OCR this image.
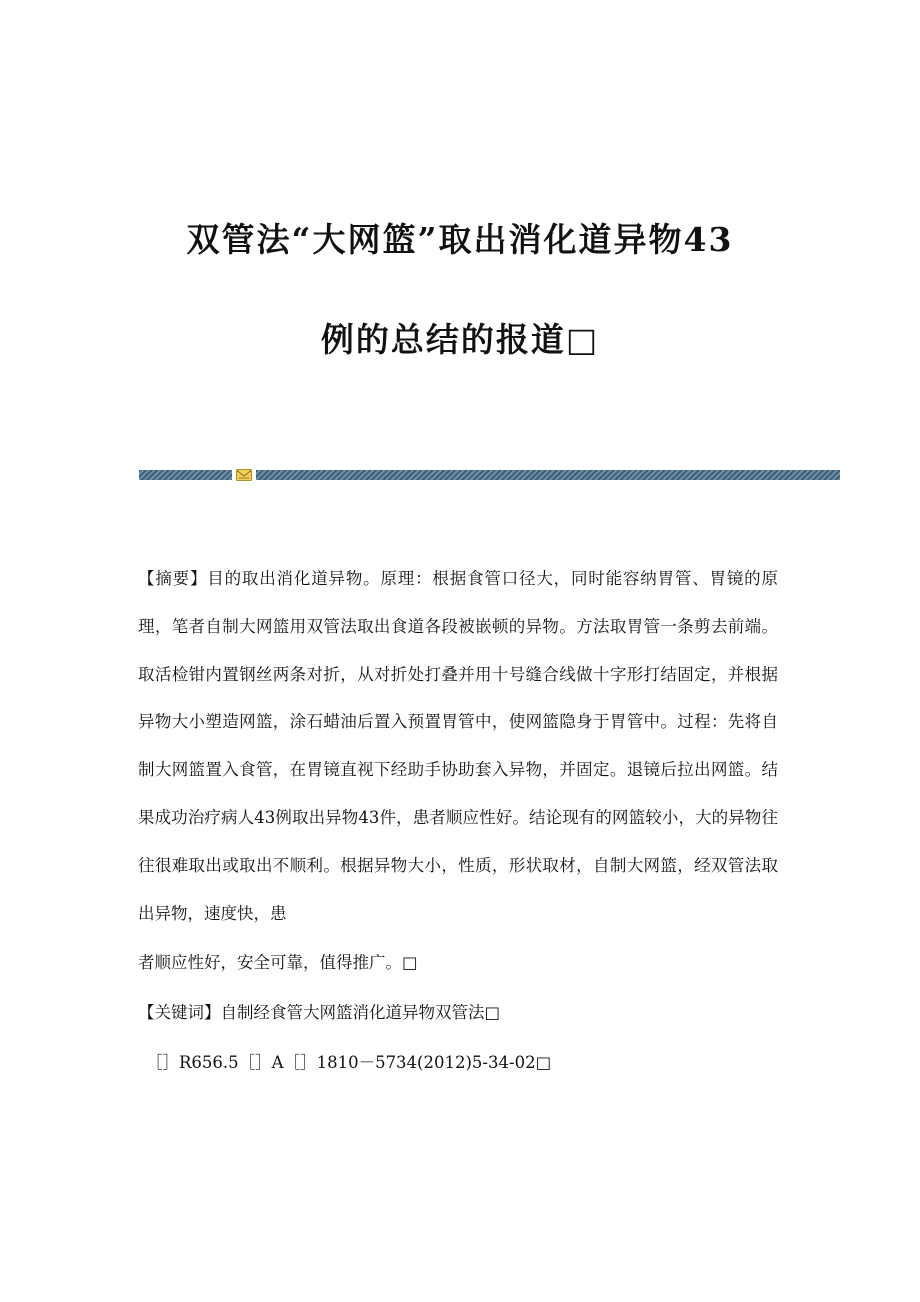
双管法“大网篮”取出消化道异物43
例的总结的报道□

【摘要】目的取出消化道异物。原理：根据食管口径大，同时能容纳胃管、胃镜的原理，笔者自制大网篮用双管法取出食道各段被嵌顿的异物。方法取胃管一条剪去前端。取活检钳内置钢丝两条对折，从对折处打叠并用十号缝合线做十字形打结固定，并根据异物大小塑造网篮，涂石蜡油后置入预置胃管中，使网篮隐身于胃管中。过程：先将自制大网篮置入食管，在胃镜直视下经助手协助套入异物，并固定。退镜后拉出网篮。结果成功治疗病人43例取出异物43件，患者顺应性好。结论现有的网篮较小，大的异物往往很难取出或取出不顺利。根据异物大小，性质，形状取材，自制大网篮，经双管法取出异物，速度快，患

者顺应性好，安全可靠，值得推广。□

【关键词】自制经食管大网篮消化道异物双管法□

［］R656.5［］A［］1810－5734(2012)5-34-02□
